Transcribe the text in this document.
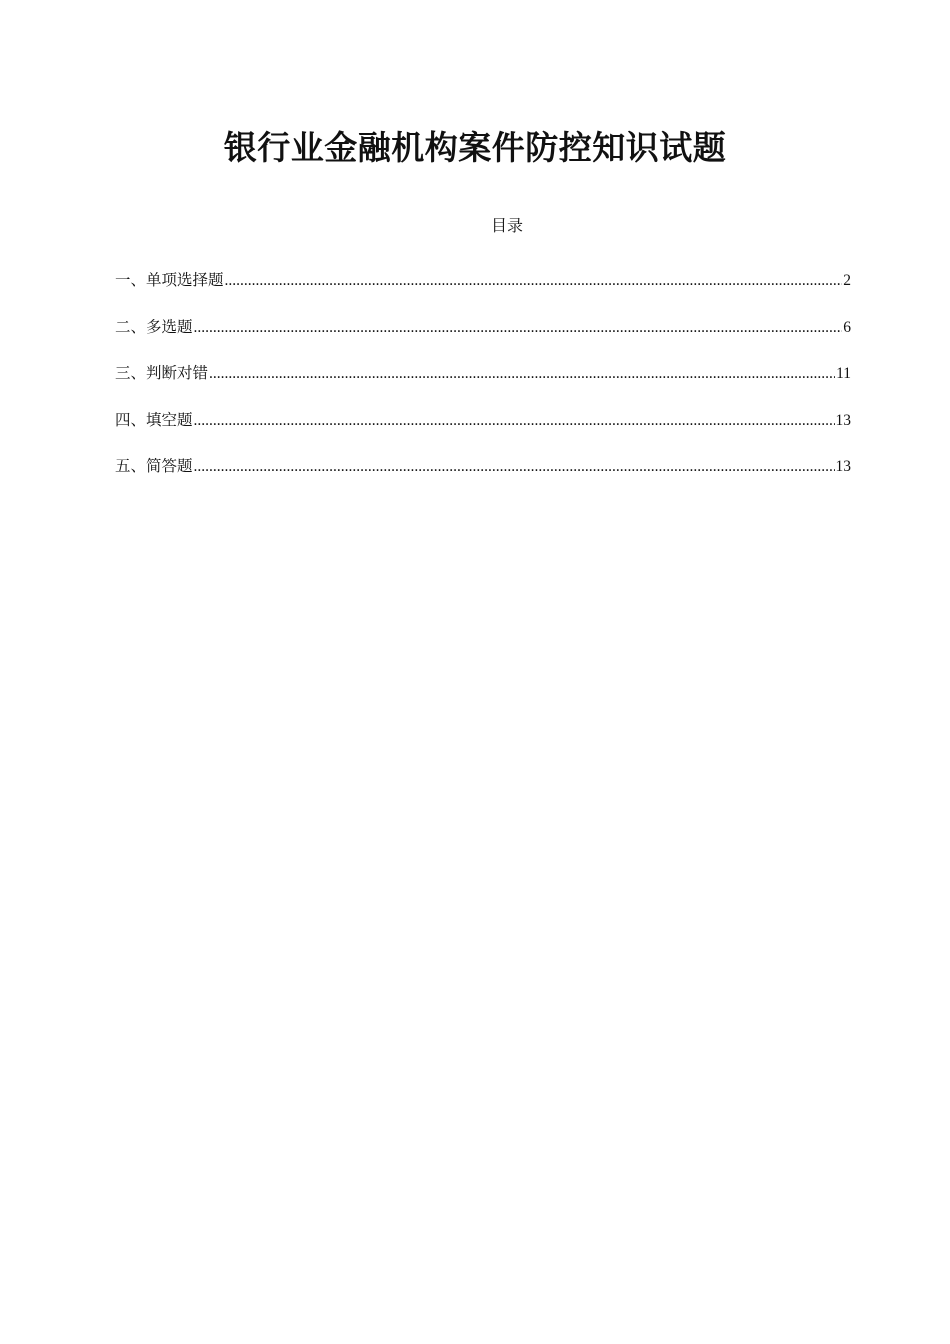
银行业金融机构案件防控知识试题
目录
一、单项选择题 .....	2
二、多选题 .....	6
三、判断对错 .....	11
四、填空题 .....	13
五、简答题 .....	13
